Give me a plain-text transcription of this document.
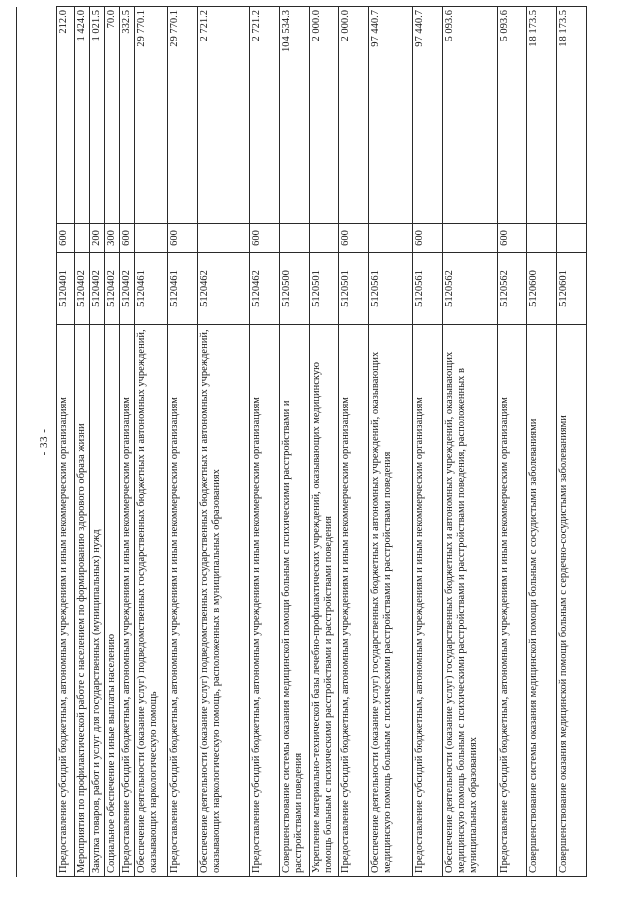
- 33 - Предоставление субсидий бюджетным, автономным учреждениям и иным некоммерческим организациям	5120401	600	212.0
Мероприятия по профилактической работе с населением по формированию здорового образа жизни	5120402		1 424.0
Закупка товаров, работ и услуг для государственных (муниципальных) нужд	5120402	200	1 021.5
Социальное обеспечение и иные выплаты населению	5120402	300	70.0
Предоставление субсидий бюджетным, автономным учреждениям и иным некоммерческим организациям	5120402	600	332.5
Обеспечение деятельности (оказание услуг) подведомственных государственных бюджетных и автономных учреждений, оказывающих наркологическую помощь	5120461		29 770.1
Предоставление субсидий бюджетным, автономным учреждениям и иным некоммерческим организациям	5120461	600	29 770.1
Обеспечение деятельности (оказание услуг) подведомственных государственных бюджетных и автономных учреждений, оказывающих наркологическую помощь, расположенных в муниципальных образованиях	5120462		2 721.2
Предоставление субсидий бюджетным, автономным учреждениям и иным некоммерческим организациям	5120462	600	2 721.2
Совершенствование системы оказания медицинской помощи больным с психическими расстройствами и расстройствами поведения	5120500		104 534.3
Укрепление материально-технической базы лечебно-профилактических учреждений, оказывающих медицинскую помощь больным с психическими расстройствами и расстройствами поведения	5120501		2 000.0
Предоставление субсидий бюджетным, автономным учреждениям и иным некоммерческим организациям	5120501	600	2 000.0
Обеспечение деятельности (оказание услуг) государственных бюджетных и автономных учреждений, оказывающих медицинскую помощь больным с психическими расстройствами и расстройствами поведения	5120561		97 440.7
Предоставление субсидий бюджетным, автономным учреждениям и иным некоммерческим организациям	5120561	600	97 440.7
Обеспечение деятельности (оказание услуг) государственных бюджетных и автономных учреждений, оказывающих медицинскую помощь больным с психическими расстройствами и расстройствами поведения, расположенных в муниципальных образованиях	5120562		5 093.6
Предоставление субсидий бюджетным, автономным учреждениям и иным некоммерческим организациям	5120562	600	5 093.6
Совершенствование системы оказания медицинской помощи больным с сосудистыми заболеваниями	5120600		18 173.5
Совершенствование оказания медицинской помощи больным с сердечно-сосудистыми заболеваниями	5120601		18 173.5
